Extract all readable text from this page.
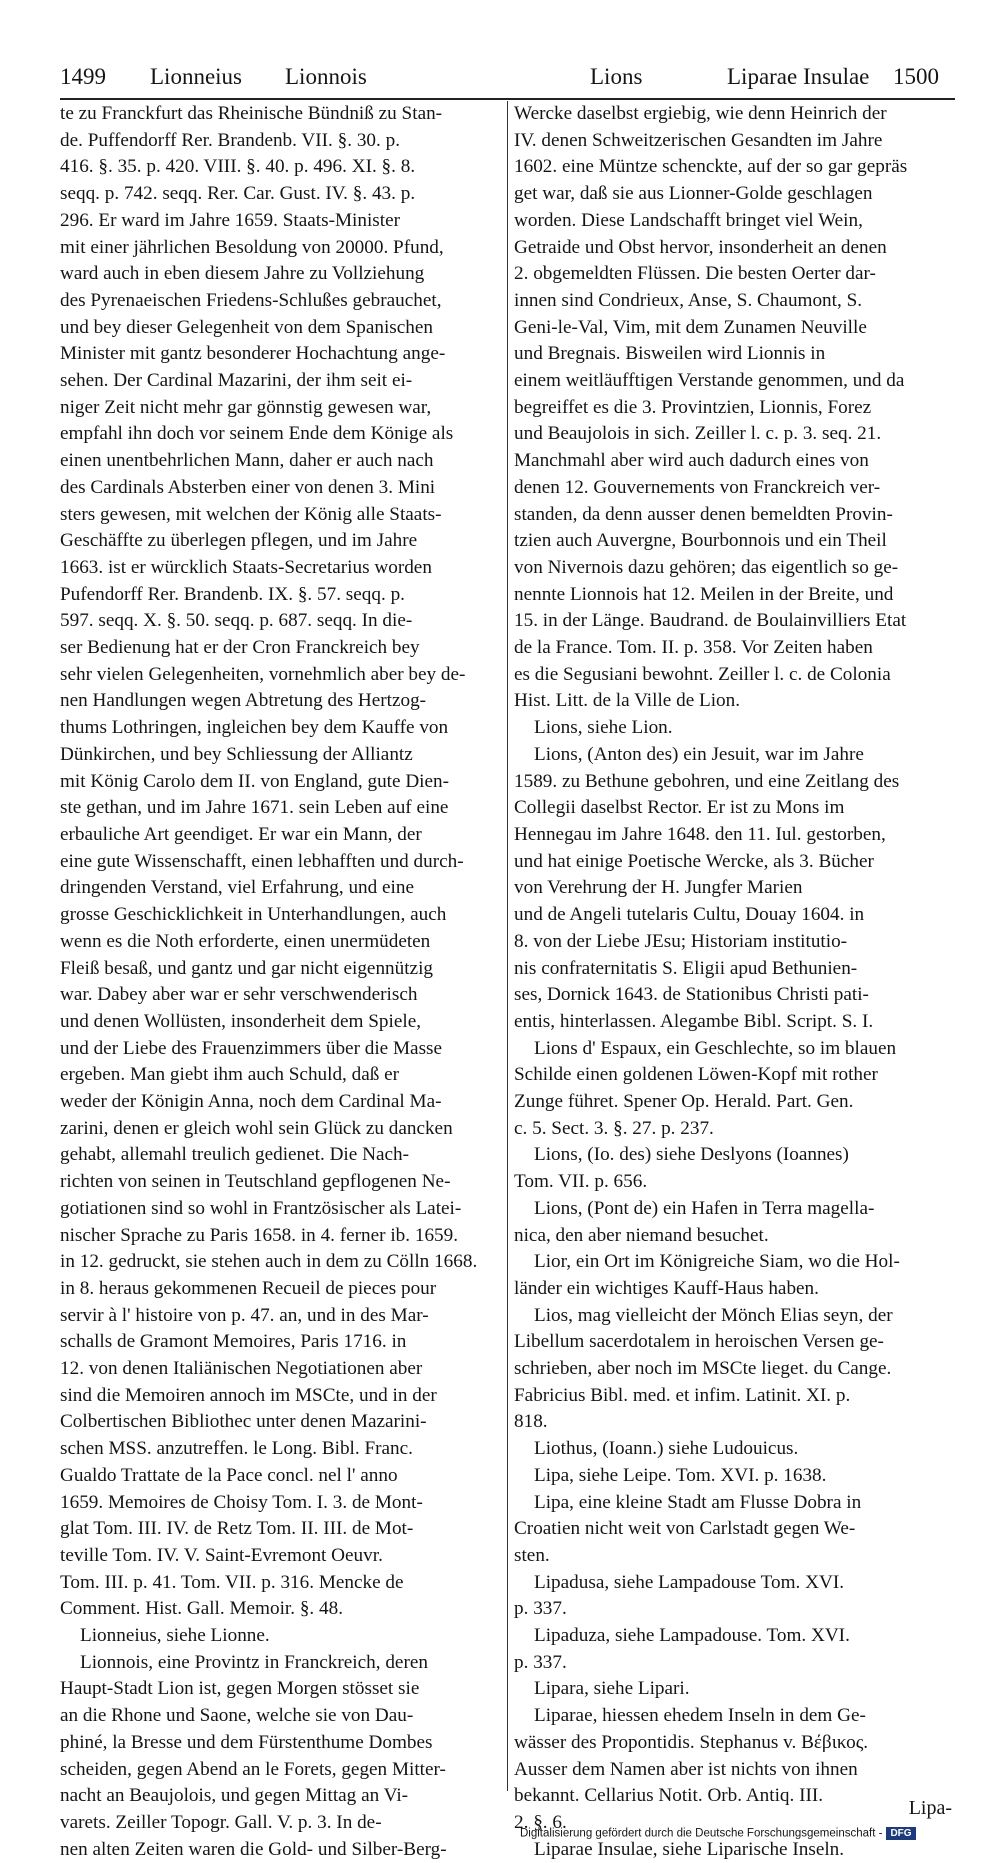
1499 Lionneius Lionnois	Lions	Liparae Insulae 1500
te zu Franckfurt das Rheinische Bündniß zu Stan-
de. Puffendorff Rer. Brandenb. VII. §. 30. p.
416. §. 35. p. 420. VIII. §. 40. p. 496. XI. §. 8.
seqq. p. 742. seqq. Rer. Car. Gust. IV. §. 43. p.
296. Er ward im Jahre 1659. Staats-Minister
mit einer jährlichen Besoldung von 20000. Pfund,
ward auch in eben diesem Jahre zu Vollziehung
des Pyrenaeischen Friedens-Schlußes gebrauchet,
und bey dieser Gelegenheit von dem Spanischen
Minister mit gantz besonderer Hochachtung ange-
sehen. Der Cardinal Mazarini, der ihm seit ei-
niger Zeit nicht mehr gar gönnstig gewesen war,
empfahl ihn doch vor seinem Ende dem Könige als
einen unentbehrlichen Mann, daher er auch nach
des Cardinals Absterben einer von denen 3. Mini
sters gewesen, mit welchen der König alle Staats-
Geschäffte zu überlegen pflegen, und im Jahre
1663. ist er würcklich Staats-Secretarius worden
Pufendorff Rer. Brandenb. IX. §. 57. seqq. p.
597. seqq. X. §. 50. seqq. p. 687. seqq. In die-
ser Bedienung hat er der Cron Franckreich bey
sehr vielen Gelegenheiten, vornehmlich aber bey de-
nen Handlungen wegen Abtretung des Hertzog-
thums Lothringen, ingleichen bey dem Kauffe von
Dünkirchen, und bey Schliessung der Alliantz
mit König Carolo dem II. von England, gute Dien-
ste gethan, und im Jahre 1671. sein Leben auf eine
erbauliche Art geendiget. Er war ein Mann, der
eine gute Wissenschafft, einen lebhafften und durch-
dringenden Verstand, viel Erfahrung, und eine
grosse Geschicklichkeit in Unterhandlungen, auch
wenn es die Noth erforderte, einen unermüdeten
Fleiß besaß, und gantz und gar nicht eigennützig
war. Dabey aber war er sehr verschwenderisch
und denen Wollüsten, insonderheit dem Spiele,
und der Liebe des Frauenzimmers über die Masse
ergeben. Man giebt ihm auch Schuld, daß er
weder der Königin Anna, noch dem Cardinal Ma-
zarini, denen er gleich wohl sein Glück zu dancken
gehabt, allemahl treulich gedienet. Die Nach-
richten von seinen in Teutschland gepflogenen Ne-
gotiationen sind so wohl in Frantzösischer als Latei-
nischer Sprache zu Paris 1658. in 4. ferner ib. 1659.
in 12. gedruckt, sie stehen auch in dem zu Cölln 1668.
in 8. heraus gekommenen Recueil de pieces pour
servir à l' histoire von p. 47. an, und in des Mar-
schalls de Gramont Memoires, Paris 1716. in
12. von denen Italiänischen Negotiationen aber
sind die Memoiren annoch im MSCte, und in der
Colbertischen Bibliothec unter denen Mazarini-
schen MSS. anzutreffen. le Long. Bibl. Franc.
Gualdo Trattate de la Pace concl. nel l' anno
1659. Memoires de Choisy Tom. I. 3. de Mont-
glat Tom. III. IV. de Retz Tom. II. III. de Mot-
teville Tom. IV. V. Saint-Evremont Oeuvr.
Tom. III. p. 41. Tom. VII. p. 316. Mencke de
Comment. Hist. Gall. Memoir. §. 48.
Lionneius, siehe Lionne.
Lionnois, eine Provintz in Franckreich, deren
Haupt-Stadt Lion ist, gegen Morgen stösset sie
an die Rhone und Saone, welche sie von Dau-
phiné, la Bresse und dem Fürstenthume Dombes
scheiden, gegen Abend an le Forets, gegen Mitter-
nacht an Beaujolois, und gegen Mittag an Vi-
varets. Zeiller Topogr. Gall. V. p. 3. In de-
nen alten Zeiten waren die Gold- und Silber-Berg-
Wercke daselbst ergiebig, wie denn Heinrich der
IV. denen Schweitzerischen Gesandten im Jahre
1602. eine Müntze schenckte, auf der so gar gepräs
get war, daß sie aus Lionner-Golde geschlagen
worden. Diese Landschafft bringet viel Wein,
Getraide und Obst hervor, insonderheit an denen
2. obgemeldten Flüssen. Die besten Oerter dar-
innen sind Condrieux, Anse, S. Chaumont, S.
Geni-le-Val, Vim, mit dem Zunamen Neuville
und Bregnais. Bisweilen wird Lionnis in
einem weitläufftigen Verstande genommen, und da
begreiffet es die 3. Provintzien, Lionnis, Forez
und Beaujolois in sich. Zeiller l. c. p. 3. seq. 21.
Manchmahl aber wird auch dadurch eines von
denen 12. Gouvernements von Franckreich ver-
standen, da denn ausser denen bemeldten Provin-
tzien auch Auvergne, Bourbonnois und ein Theil
von Nivernois dazu gehören; das eigentlich so ge-
nennte Lionnois hat 12. Meilen in der Breite, und
15. in der Länge. Baudrand. de Boulainvilliers Etat
de la France. Tom. II. p. 358. Vor Zeiten haben
es die Segusiani bewohnt. Zeiller l. c. de Colonia
Hist. Litt. de la Ville de Lion.
Lions, siehe Lion.
Lions, (Anton des) ein Jesuit, war im Jahre
1589. zu Bethune gebohren, und eine Zeitlang des
Collegii daselbst Rector. Er ist zu Mons im
Hennegau im Jahre 1648. den 11. Iul. gestorben,
und hat einige Poetische Wercke, als 3. Bücher
von Verehrung der H. Jungfer Marien
und de Angeli tutelaris Cultu, Douay 1604. in
8. von der Liebe JEsu; Historiam institutio-
nis confraternitatis S. Eligii apud Bethunien-
ses, Dornick 1643. de Stationibus Christi pati-
entis, hinterlassen. Alegambe Bibl. Script. S. I.
Lions d' Espaux, ein Geschlechte, so im blauen
Schilde einen goldenen Löwen-Kopf mit rother
Zunge führet. Spener Op. Herald. Part. Gen.
c. 5. Sect. 3. §. 27. p. 237.
Lions, (Io. des) siehe Deslyons (Ioannes)
Tom. VII. p. 656.
Lions, (Pont de) ein Hafen in Terra magella-
nica, den aber niemand besuchet.
Lior, ein Ort im Königreiche Siam, wo die Hol-
länder ein wichtiges Kauff-Haus haben.
Lios, mag vielleicht der Mönch Elias seyn, der
Libellum sacerdotalem in heroischen Versen ge-
schrieben, aber noch im MSCte lieget. du Cange.
Fabricius Bibl. med. et infim. Latinit. XI. p.
818.
Liothus, (Ioann.) siehe Ludouicus.
Lipa, siehe Leipe. Tom. XVI. p. 1638.
Lipa, eine kleine Stadt am Flusse Dobra in
Croatien nicht weit von Carlstadt gegen We-
sten.
Lipadusa, siehe Lampadouse Tom. XVI.
p. 337.
Lipaduza, siehe Lampadouse. Tom. XVI.
p. 337.
Lipara, siehe Lipari.
Liparae, hiessen ehedem Inseln in dem Ge-
wässer des Propontidis. Stephanus v. Βέβικος.
Ausser dem Namen aber ist nichts von ihnen
bekannt. Cellarius Notit. Orb. Antiq. III.
2. §. 6.
Liparae Insulae, siehe Liparische Inseln.
Lipa-
Digitalisierung gefördert durch die Deutsche Forschungsgemeinschaft - DFG
